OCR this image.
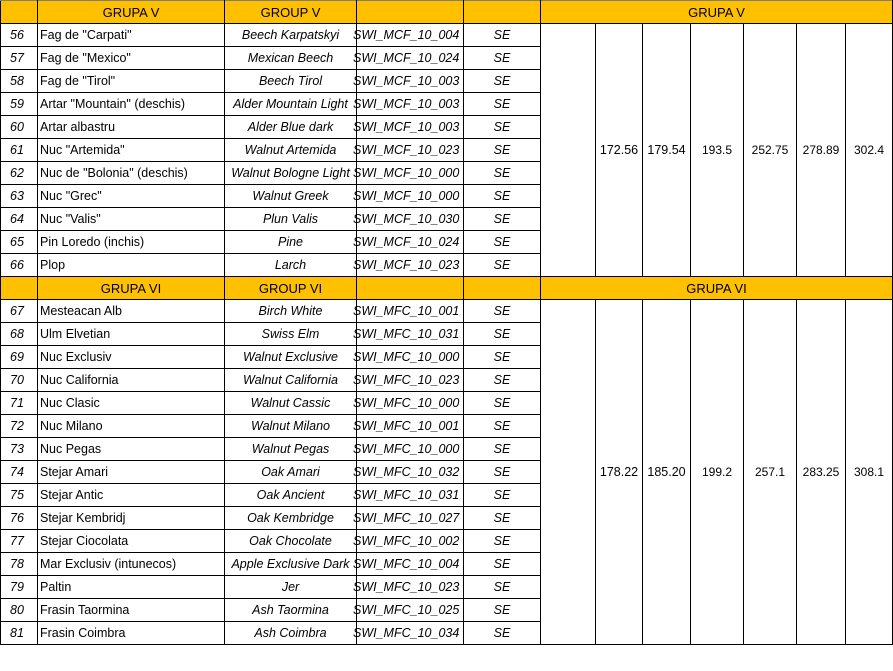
	GRUPA V	GROUP V			GRUPA V						
56	Fag de "Carpati"	Beech Karpatskyi	SWI_MCF_10_004	SE		172.56	179.54	193.5	252.75	278.89	302.4
57	Fag de "Mexico"	Mexican Beech	SWI_MCF_10_024	SE							
58	Fag de "Tirol"	Beech Tirol	SWI_MCF_10_003	SE							
59	Artar "Mountain" (deschis)	Alder Mountain Light	SWI_MCF_10_003	SE							
60	Artar albastru	Alder Blue dark	SWI_MCF_10_003	SE							
61	Nuc "Artemida"	Walnut Artemida	SWI_MCF_10_023	SE							
62	Nuc de "Bolonia" (deschis)	Walnut Bologne Light	SWI_MCF_10_000	SE							
63	Nuc "Grec"	Walnut Greek	SWI_MCF_10_000	SE							
64	Nuc "Valis"	Plun Valis	SWI_MCF_10_030	SE							
65	Pin Loredo (inchis)	Pine	SWI_MCF_10_024	SE							
66	Plop	Larch	SWI_MCF_10_023	SE							
	GRUPA VI	GROUP VI			GRUPA VI						
67	Mesteacan Alb	Birch White	SWI_MFC_10_001	SE		178.22	185.20	199.2	257.1	283.25	308.1
68	Ulm Elvetian	Swiss Elm	SWI_MFC_10_031	SE							
69	Nuc Exclusiv	Walnut Exclusive	SWI_MFC_10_000	SE							
70	Nuc California	Walnut California	SWI_MFC_10_023	SE							
71	Nuc Clasic	Walnut Cassic	SWI_MFC_10_000	SE							
72	Nuc Milano	Walnut Milano	SWI_MFC_10_001	SE							
73	Nuc Pegas	Walnut Pegas	SWI_MFC_10_000	SE							
74	Stejar Amari	Oak Amari	SWI_MFC_10_032	SE							
75	Stejar Antic	Oak Ancient	SWI_MFC_10_031	SE							
76	Stejar Kembridj	Oak Kembridge	SWI_MFC_10_027	SE							
77	Stejar Ciocolata	Oak Chocolate	SWI_MFC_10_002	SE							
78	Mar Exclusiv (intunecos)	Apple Exclusive Dark	SWI_MFC_10_004	SE							
79	Paltin	Jer	SWI_MFC_10_023	SE							
80	Frasin Taormina	Ash Taormina	SWI_MFC_10_025	SE							
81	Frasin Coimbra	Ash Coimbra	SWI_MFC_10_034	SE							
